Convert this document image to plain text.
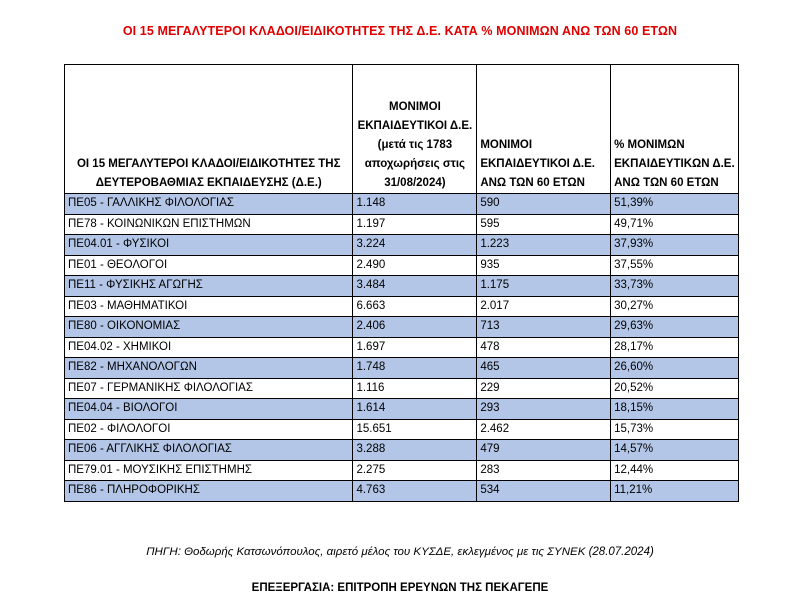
ΟΙ 15 ΜΕΓΑΛΥΤΕΡΟΙ ΚΛΑΔΟΙ/ΕΙΔΙΚΟΤΗΤΕΣ ΤΗΣ Δ.Ε. ΚΑΤΑ % ΜΟΝΙΜΩΝ ΑΝΩ ΤΩΝ 60 ΕΤΩΝ
ΟΙ 15 ΜΕΓΑΛΥΤΕΡΟΙ ΚΛΑΔΟΙ/ΕΙΔΙΚΟΤΗΤΕΣ ΤΗΣ ΔΕΥΤΕΡΟΒΑΘΜΙΑΣ ΕΚΠΑΙΔΕΥΣΗΣ (Δ.Ε.)	ΜΟΝΙΜΟΙ ΕΚΠΑΙΔΕΥΤΙΚΟΙ Δ.Ε. (μετά τις 1783 αποχωρήσεις στις 31/08/2024)	ΜΟΝΙΜΟΙ ΕΚΠΑΙΔΕΥΤΙΚΟΙ Δ.Ε. ΑΝΩ ΤΩΝ 60 ΕΤΩΝ	% ΜΟΝΙΜΩΝ ΕΚΠΑΙΔΕΥΤΙΚΩΝ Δ.Ε. ΑΝΩ ΤΩΝ 60 ΕΤΩΝ
ΠΕ05 - ΓΑΛΛΙΚΗΣ ΦΙΛΟΛΟΓΙΑΣ	1.148	590	51,39%
ΠΕ78 - ΚΟΙΝΩΝΙΚΩΝ ΕΠΙΣΤΗΜΩΝ	1.197	595	49,71%
ΠΕ04.01 - ΦΥΣΙΚΟΙ	3.224	1.223	37,93%
ΠΕ01 - ΘΕΟΛΟΓΟΙ	2.490	935	37,55%
ΠΕ11 - ΦΥΣΙΚΗΣ ΑΓΩΓΗΣ	3.484	1.175	33,73%
ΠΕ03 - ΜΑΘΗΜΑΤΙΚΟΙ	6.663	2.017	30,27%
ΠΕ80 - ΟΙΚΟΝΟΜΙΑΣ	2.406	713	29,63%
ΠΕ04.02 - ΧΗΜΙΚΟΙ	1.697	478	28,17%
ΠΕ82 - ΜΗΧΑΝΟΛΟΓΩΝ	1.748	465	26,60%
ΠΕ07 - ΓΕΡΜΑΝΙΚΗΣ ΦΙΛΟΛΟΓΙΑΣ	1.116	229	20,52%
ΠΕ04.04 - ΒΙΟΛΟΓΟΙ	1.614	293	18,15%
ΠΕ02 - ΦΙΛΟΛΟΓΟΙ	15.651	2.462	15,73%
ΠΕ06 - ΑΓΓΛΙΚΗΣ ΦΙΛΟΛΟΓΙΑΣ	3.288	479	14,57%
ΠΕ79.01 - ΜΟΥΣΙΚΗΣ ΕΠΙΣΤΗΜΗΣ	2.275	283	12,44%
ΠΕ86 - ΠΛΗΡΟΦΟΡΙΚΗΣ	4.763	534	11,21%
ΠΗΓΗ: Θοδωρής Κατσωνόπουλος, αιρετό μέλος του ΚΥΣΔΕ, εκλεγμένος με τις ΣΥΝΕΚ (28.07.2024)
ΕΠΕΞΕΡΓΑΣΙΑ: ΕΠΙΤΡΟΠΗ ΕΡΕΥΝΩΝ ΤΗΣ ΠΕΚΑΓΕΠΕ
